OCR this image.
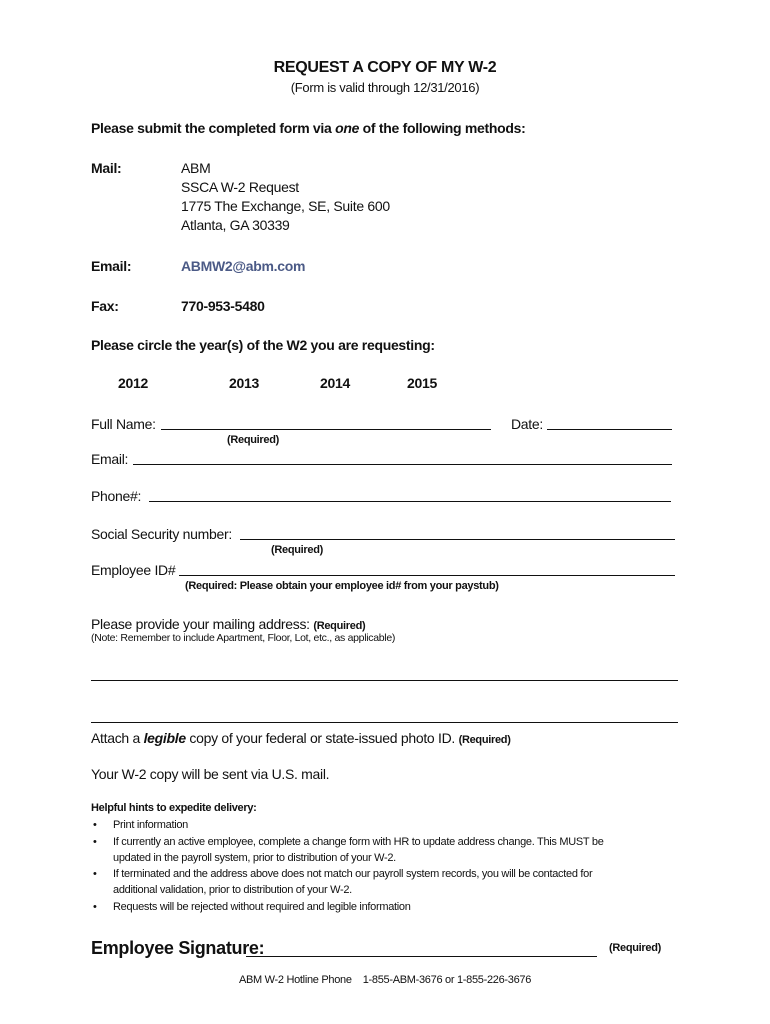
REQUEST A COPY OF MY W-2
(Form is valid through 12/31/2016)
Please submit the completed form via one of the following methods:
Mail:	ABM
SSCA W-2 Request
1775 The Exchange, SE, Suite 600
Atlanta, GA 30339
Email:	ABMW2@abm.com
Fax:	770-953-5480
Please circle the year(s) of the W2 you are requesting:
2012	2013	2014	2015
Full Name:	Date:
(Required)
Email:
Phone#:
Social Security number:
(Required)
Employee ID#
(Required: Please obtain your employee id# from your paystub)
Please provide your mailing address: (Required)
(Note: Remember to include Apartment, Floor, Lot, etc., as applicable)
Attach a legible copy of your federal or state-issued photo ID. (Required)
Your W-2 copy will be sent via U.S. mail.
Helpful hints to expedite delivery:
• Print information
• If currently an active employee, complete a change form with HR to update address change. This MUST be
updated in the payroll system, prior to distribution of your W-2.
• If terminated and the address above does not match our payroll system records, you will be contacted for
additional validation, prior to distribution of your W-2.
• Requests will be rejected without required and legible information
Employee Signature:	(Required)
ABM W-2 Hotline Phone    1-855-ABM-3676 or 1-855-226-3676
